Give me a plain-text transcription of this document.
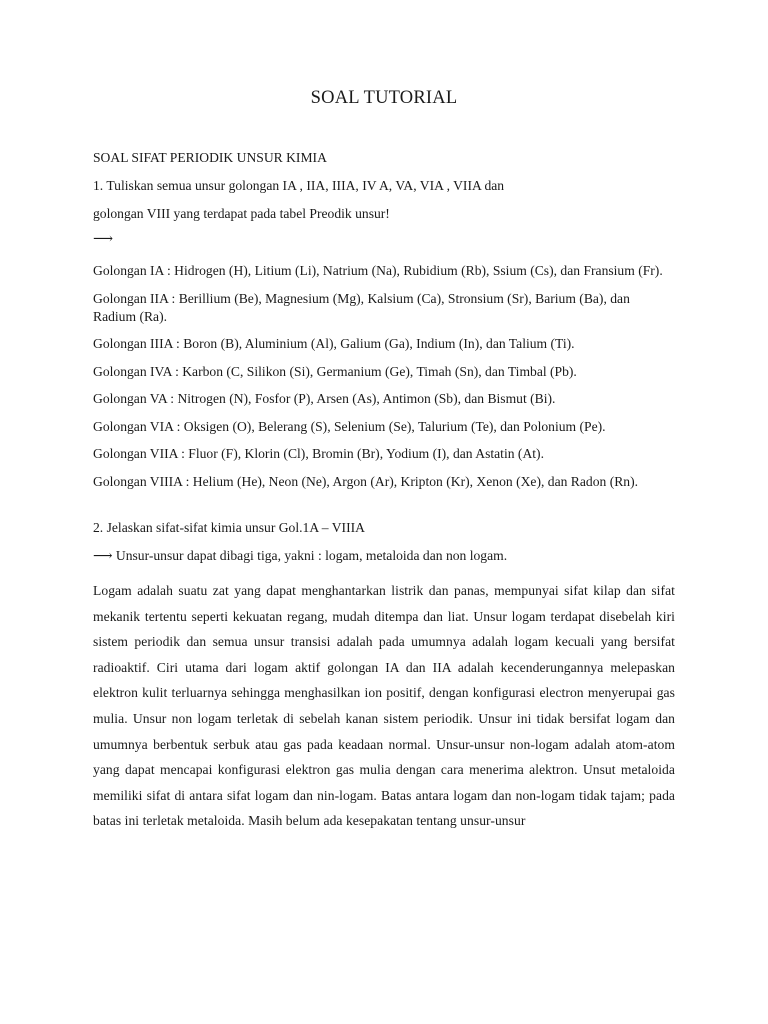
SOAL TUTORIAL

SOAL SIFAT PERIODIK UNSUR KIMIA

1. Tuliskan semua unsur golongan IA , IIA, IIIA, IV A, VA, VIA , VIIA dan

golongan VIII yang terdapat pada tabel Preodik unsur!

⟶

Golongan IA : Hidrogen (H), Litium (Li), Natrium (Na), Rubidium (Rb), Ssium (Cs), dan Fransium (Fr).

Golongan IIA : Berillium (Be), Magnesium (Mg), Kalsium (Ca), Stronsium (Sr), Barium (Ba), dan Radium (Ra).

Golongan IIIA : Boron (B), Aluminium (Al), Galium (Ga), Indium (In), dan Talium (Ti).

Golongan IVA : Karbon (C, Silikon (Si), Germanium (Ge), Timah (Sn), dan Timbal (Pb).

Golongan VA : Nitrogen (N), Fosfor (P), Arsen (As), Antimon (Sb), dan Bismut (Bi).

Golongan VIA : Oksigen (O), Belerang (S), Selenium (Se), Talurium (Te), dan Polonium (Pe).

Golongan VIIA : Fluor (F), Klorin (Cl), Bromin (Br), Yodium (I), dan Astatin (At).

Golongan VIIIA : Helium (He), Neon (Ne), Argon (Ar), Kripton (Kr), Xenon (Xe), dan Radon (Rn).

2. Jelaskan sifat-sifat kimia unsur Gol.1A – VIIIA

⟶ Unsur-unsur dapat dibagi tiga, yakni : logam, metaloida dan non logam.

Logam adalah suatu zat yang dapat menghantarkan listrik dan panas, mempunyai sifat kilap dan sifat mekanik tertentu seperti kekuatan regang, mudah ditempa dan liat. Unsur logam terdapat disebelah kiri sistem periodik dan semua unsur transisi adalah pada umumnya adalah logam kecuali yang bersifat radioaktif. Ciri utama dari logam aktif golongan IA dan IIA adalah kecenderungannya melepaskan elektron kulit terluarnya sehingga menghasilkan ion positif, dengan konfigurasi electron menyerupai gas mulia. Unsur non logam terletak di sebelah kanan sistem periodik. Unsur ini tidak bersifat logam dan umumnya berbentuk serbuk atau gas pada keadaan normal. Unsur-unsur non-logam adalah atom-atom yang dapat mencapai konfigurasi elektron gas mulia dengan cara menerima alektron. Unsut metaloida memiliki sifat di antara sifat logam dan nin-logam. Batas antara logam dan non-logam tidak tajam; pada batas ini terletak metaloida. Masih belum ada kesepakatan tentang unsur-unsur
